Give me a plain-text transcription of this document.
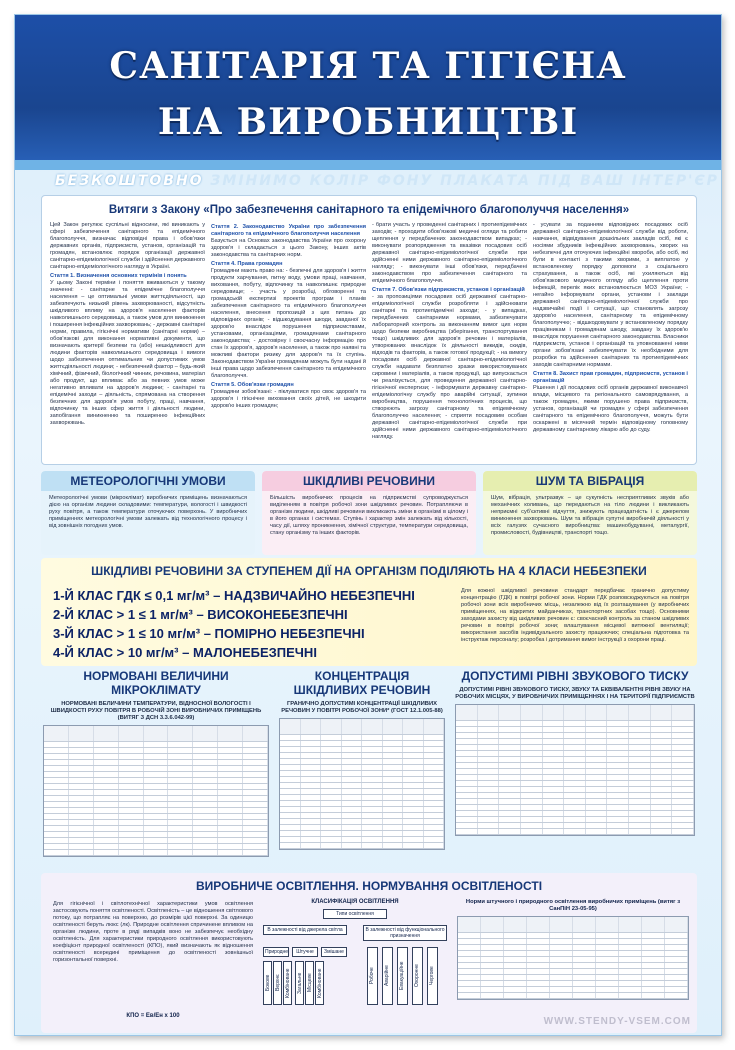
САНІТАРІЯ ТА ГІГІЄНА
НА ВИРОБНИЦТВІ
БЕЗКОШТОВНО ЗМІНИМО КОЛІР ФОНУ ПЛАКАТА ПІД ВАШ ІНТЕР'ЄР
Витяги з Закону «Про забезпечення санітарного та епідемічного благополуччя населення»
Цей Закон регулює суспільні відносини, які виникають у сфері забезпечення санітарного та епідемічного благополуччя, визначає відповідні права і обов'язки державних органів, підприємств, установ, організацій та громадян, встановлює порядок організації державної санітарно-епідеміологічної служби і здійснення державного санітарно-епідеміологічного нагляду в Україні.
Стаття 1. Визначення основних термінів і понять
У цьому Законі терміни і поняття вживаються у такому значенні: - санітарне та епідемічне благополуччя населення – це оптимальні умови життєдіяльності, що забезпечують низький рівень захворюваності, відсутність шкідливого впливу на здоров'я населення факторів навколишнього середовища, а також умов для виникнення і поширення інфекційних захворювань; - державні санітарні норми, правила, гігієнічні нормативи (санітарні норми) – обов'язкові для виконання нормативні документи, що визначають критерії безпеки та (або) нешкідливості для людини факторів навколишнього середовища і вимоги щодо забезпечення оптимальних чи допустимих умов життєдіяльності людини; - небезпечний фактор – будь-який хімічний, фізичний, біологічний чинник, речовина, матеріал або продукт, що впливає або за певних умов може негативно впливати на здоров'я людини; - санітарні та епідемічні заходи – діяльність, спрямована на створення безпечних для здоров'я умов побуту, праці, навчання, відпочинку та інших сфер життя і діяльності людини, запобігання виникненню та поширенню інфекційних захворювань.
Стаття 2. Законодавство України про забезпечення санітарного та епідемічного благополуччя населення
Базується на Основах законодавства України про охорону здоров'я і складається з цього Закону, інших актів законодавства та санітарних норм.
Стаття 4. Права громадян
Громадяни мають право на: - безпечні для здоров'я і життя продукти харчування, питну воду, умови праці, навчання, виховання, побуту, відпочинку та навколишнє природне середовище; - участь у розробці, обговоренні та громадській експертизі проектів програм і планів забезпечення санітарного та епідемічного благополуччя населення, внесення пропозицій з цих питань до відповідних органів; - відшкодування шкоди, завданої їх здоров'ю внаслідок порушення підприємствами, установами, організаціями, громадянами санітарного законодавства; - достовірну і своєчасну інформацію про стан їх здоров'я, здоров'я населення, а також про наявні та можливі фактори ризику для здоров'я та їх ступінь. Законодавством України громадянам можуть бути надані й інші права щодо забезпечення санітарного та епідемічного благополуччя.
Стаття 5. Обов'язки громадян
Громадяни зобов'язані: - піклуватися про своє здоров'я та здоров'я і гігієнічне виховання своїх дітей, не шкодити здоров'ю інших громадян;
- брати участь у проведенні санітарних і протиепідемічних заходів; - проходити обов'язкові медичні огляди та робити щеплення у передбачених законодавством випадках; - виконувати розпорядження та вказівки посадових осіб державної санітарно-епідеміологічної служби при здійсненні ними державного санітарно-епідеміологічного нагляду; - виконувати інші обов'язки, передбачені законодавством про забезпечення санітарного та епідемічного благополуччя.
Стаття 7. Обов'язки підприємств, установ і організацій
- за пропозиціями посадових осіб державної санітарно-епідеміологічної служби розробляти і здійснювати санітарні та протиепідемічні заходи; - у випадках, передбачених санітарними нормами, забезпечувати лабораторний контроль за виконанням вимог цих норм щодо безпеки виробництва (зберігання, транспортування тощо) шкідливих для здоров'я речовин і матеріалів, утворюваних внаслідок їх діяльності викидів, скидів, відходів та факторів, а також готової продукції; - на вимогу посадових осіб державної санітарно-епідеміологічної служби надавати безплатно зразки використовуваних сировини і матеріалів, а також продукції, що випускається чи реалізується, для проведення державної санітарно-гігієнічної експертизи; - інформувати державну санітарно-епідеміологічну службу про аварійні ситуації, зупинки виробництва, порушення технологічних процесів, що створюють загрозу санітарному та епідемічному благополуччю населення; - сприяти посадовим особам державної санітарно-епідеміологічної служби при здійсненні ними державного санітарно-епідеміологічного нагляду.
- усувати за поданням відповідних посадових осіб державної санітарно-епідеміологічної служби від роботи, навчання, відвідування дошкільних закладів осіб, які є носіями збудників інфекційних захворювань, хворих на небезпечні для оточуючих інфекційні хвороби, або осіб, які були в контакті з такими хворими, з виплатою у встановленому порядку допомоги з соціального страхування, а також осіб, які ухиляються від обов'язкового медичного огляду або щеплення проти інфекцій, перелік яких встановлюється МОЗ України; - негайно інформувати органи, установи і заклади державної санітарно-епідеміологічної служби про надзвичайні події і ситуації, що становлять загрозу здоров'ю населення, санітарному та епідемічному благополуччю; - відшкодовувати у встановленому порядку працівникам і громадянам шкоду, завдану їх здоров'ю внаслідок порушення санітарного законодавства. Власники підприємств, установ і організацій та уповноважені ними органи зобов'язані забезпечувати їх необхідними для розробки та здійснення санітарних та протиепідемічних заходів санітарними нормами.
Стаття 8. Захист прав громадян, підприємств, установ і організацій
Рішення і дії посадових осіб органів державної виконавчої влади, місцевого та регіонального самоврядування, а також громадян, якими порушено права підприємств, установ, організацій чи громадян у сфері забезпечення санітарного та епідемічного благополуччя, можуть бути оскаржені в місячний термін відповідному головному державному санітарному лікарю або до суду.
МЕТЕОРОЛОГІЧНІ УМОВИ
Метеорологічні умови (мікроклімат) виробничих приміщень визначаються дією на організм людини складовими: температури, вологості і швидкості руху повітря, а також температури оточуючих поверхонь. У виробничих приміщеннях метеорологічні умови залежать від технологічного процесу і від зовнішніх погодних умов.
ШКІДЛИВІ РЕЧОВИНИ
Більшість виробничих процесів на підприємстві супроводжується виділенням в повітря робочої зони шкідливих речовин. Потрапляючи в організм людини, шкідливі речовини викликають зміни в організмі в цілому і в його органах і системах. Ступінь і характер змін залежать від кількості, часу дії, шляху проникнення, хімічної структури, температури середовища, стану організму та інших факторів.
ШУМ ТА ВІБРАЦІЯ
Шум, вібрація, ультразвук – це сукупність несприятливих звуків або механічних коливань, що передаються на тіло людини і викликають неприємні суб'єктивні відчуття, знижують працездатність і є джерелом виникнення захворювань. Шум та вібрація супутні виробничій діяльності у всіх галузях сучасного виробництва: машинобудуванні, металургії, промисловості, будівництві, транспорті тощо.
ШКІДЛИВІ РЕЧОВИНИ ЗА СТУПЕНЕМ ДІЇ НА ОРГАНІЗМ ПОДІЛЯЮТЬ НА 4 КЛАСИ НЕБЕЗПЕКИ
1-Й КЛАС ГДК ≤ 0,1 мг/м³ – НАДЗВИЧАЙНО НЕБЕЗПЕЧНІ
2-Й КЛАС > 1 ≤ 1 мг/м³ – ВИСОКОНЕБЕЗПЕЧНІ
3-Й КЛАС > 1 ≤ 10 мг/м³ – ПОМІРНО НЕБЕЗПЕЧНІ
4-Й КЛАС > 10 мг/м³ – МАЛОНЕБЕЗПЕЧНІ
Для кожної шкідливої речовини стандарт передбачає гранично допустиму концентрацію (ГДК) в повітрі робочої зони. Норми ГДК розповсюджуються на повітря робочої зони всіх виробничих місць, незалежно від їх розташування (у виробничих приміщеннях, на відкритих майданчиках, транспортних засобах тощо). Основними заходами захисту від шкідливих речовин є: своєчасний контроль за станом шкідливих речовин в повітрі робочої зони; влаштування місцевої витяжної вентиляції; використання засобів індивідуального захисту працюючих; спеціальна підготовка та інструктаж персоналу; розробка і дотримання вимог інструкції з охорони праці.
НОРМОВАНІ ВЕЛИЧИНИ МІКРОКЛІМАТУ
НОРМОВАНІ ВЕЛИЧИНИ ТЕМПЕРАТУРИ, ВІДНОСНОЇ ВОЛОГОСТІ І ШВИДКОСТІ РУХУ ПОВІТРЯ В РОБОЧІЙ ЗОНІ ВИРОБНИЧИХ ПРИМІЩЕНЬ (ВИТЯГ З ДСН 3.3.6.042-99)
КОНЦЕНТРАЦІЯ ШКІДЛИВИХ РЕЧОВИН
ГРАНИЧНО ДОПУСТИМІ КОНЦЕНТРАЦІЇ ШКІДЛИВИХ РЕЧОВИН У ПОВІТРІ РОБОЧОЇ ЗОНИ* (ГОСТ 12.1.005-88)
ДОПУСТИМІ РІВНІ ЗВУКОВОГО ТИСКУ
ДОПУСТИМІ РІВНІ ЗВУКОВОГО ТИСКУ, ЗВУКУ ТА ЕКВІВАЛЕНТНІ РІВНІ ЗВУКУ НА РОБОЧИХ МІСЦЯХ, У ВИРОБНИЧИХ ПРИМІЩЕННЯХ І НА ТЕРИТОРІЇ ПІДПРИЄМСТВ
ВИРОБНИЧЕ ОСВІТЛЕННЯ. НОРМУВАННЯ ОСВІТЛЕНОСТІ
Для гігієнічної і світлотехнічної характеристики умов освітлення застосовують поняття освітленості. Освітленість – це відношення світлового потоку, що потрапляє на поверхню, до розмірів цієї поверхні. За одиницю освітленості беруть люкс (лк). Природне освітлення спричинене впливом на організм людини, проте в ряді випадків воно не забезпечує необхідну освітленість. Для характеристики природного освітлення використовують коефіцієнт природної освітленості (КПО), який визначають як відношення освітленості всередині приміщення до освітленості зовнішньої горизонтальної поверхні.
КПО = Ев/Ен х 100
КЛАСИФІКАЦІЯ ОСВІТЛЕННЯ
Типи освітлення
В залежності від джерела світла	В залежності від функціонального призначення
Природне	Штучне	Змішане
Бокове Верхнє Комбіноване	Загальне Місцеве Комбіноване	Робоче	Аварійне	Евакуаційне	Охоронне	Чергове
Норми штучного і природного освітлення виробничих приміщень (витяг з СанПіН 23-05-95)
WWW.STENDY-VSEM.COM
